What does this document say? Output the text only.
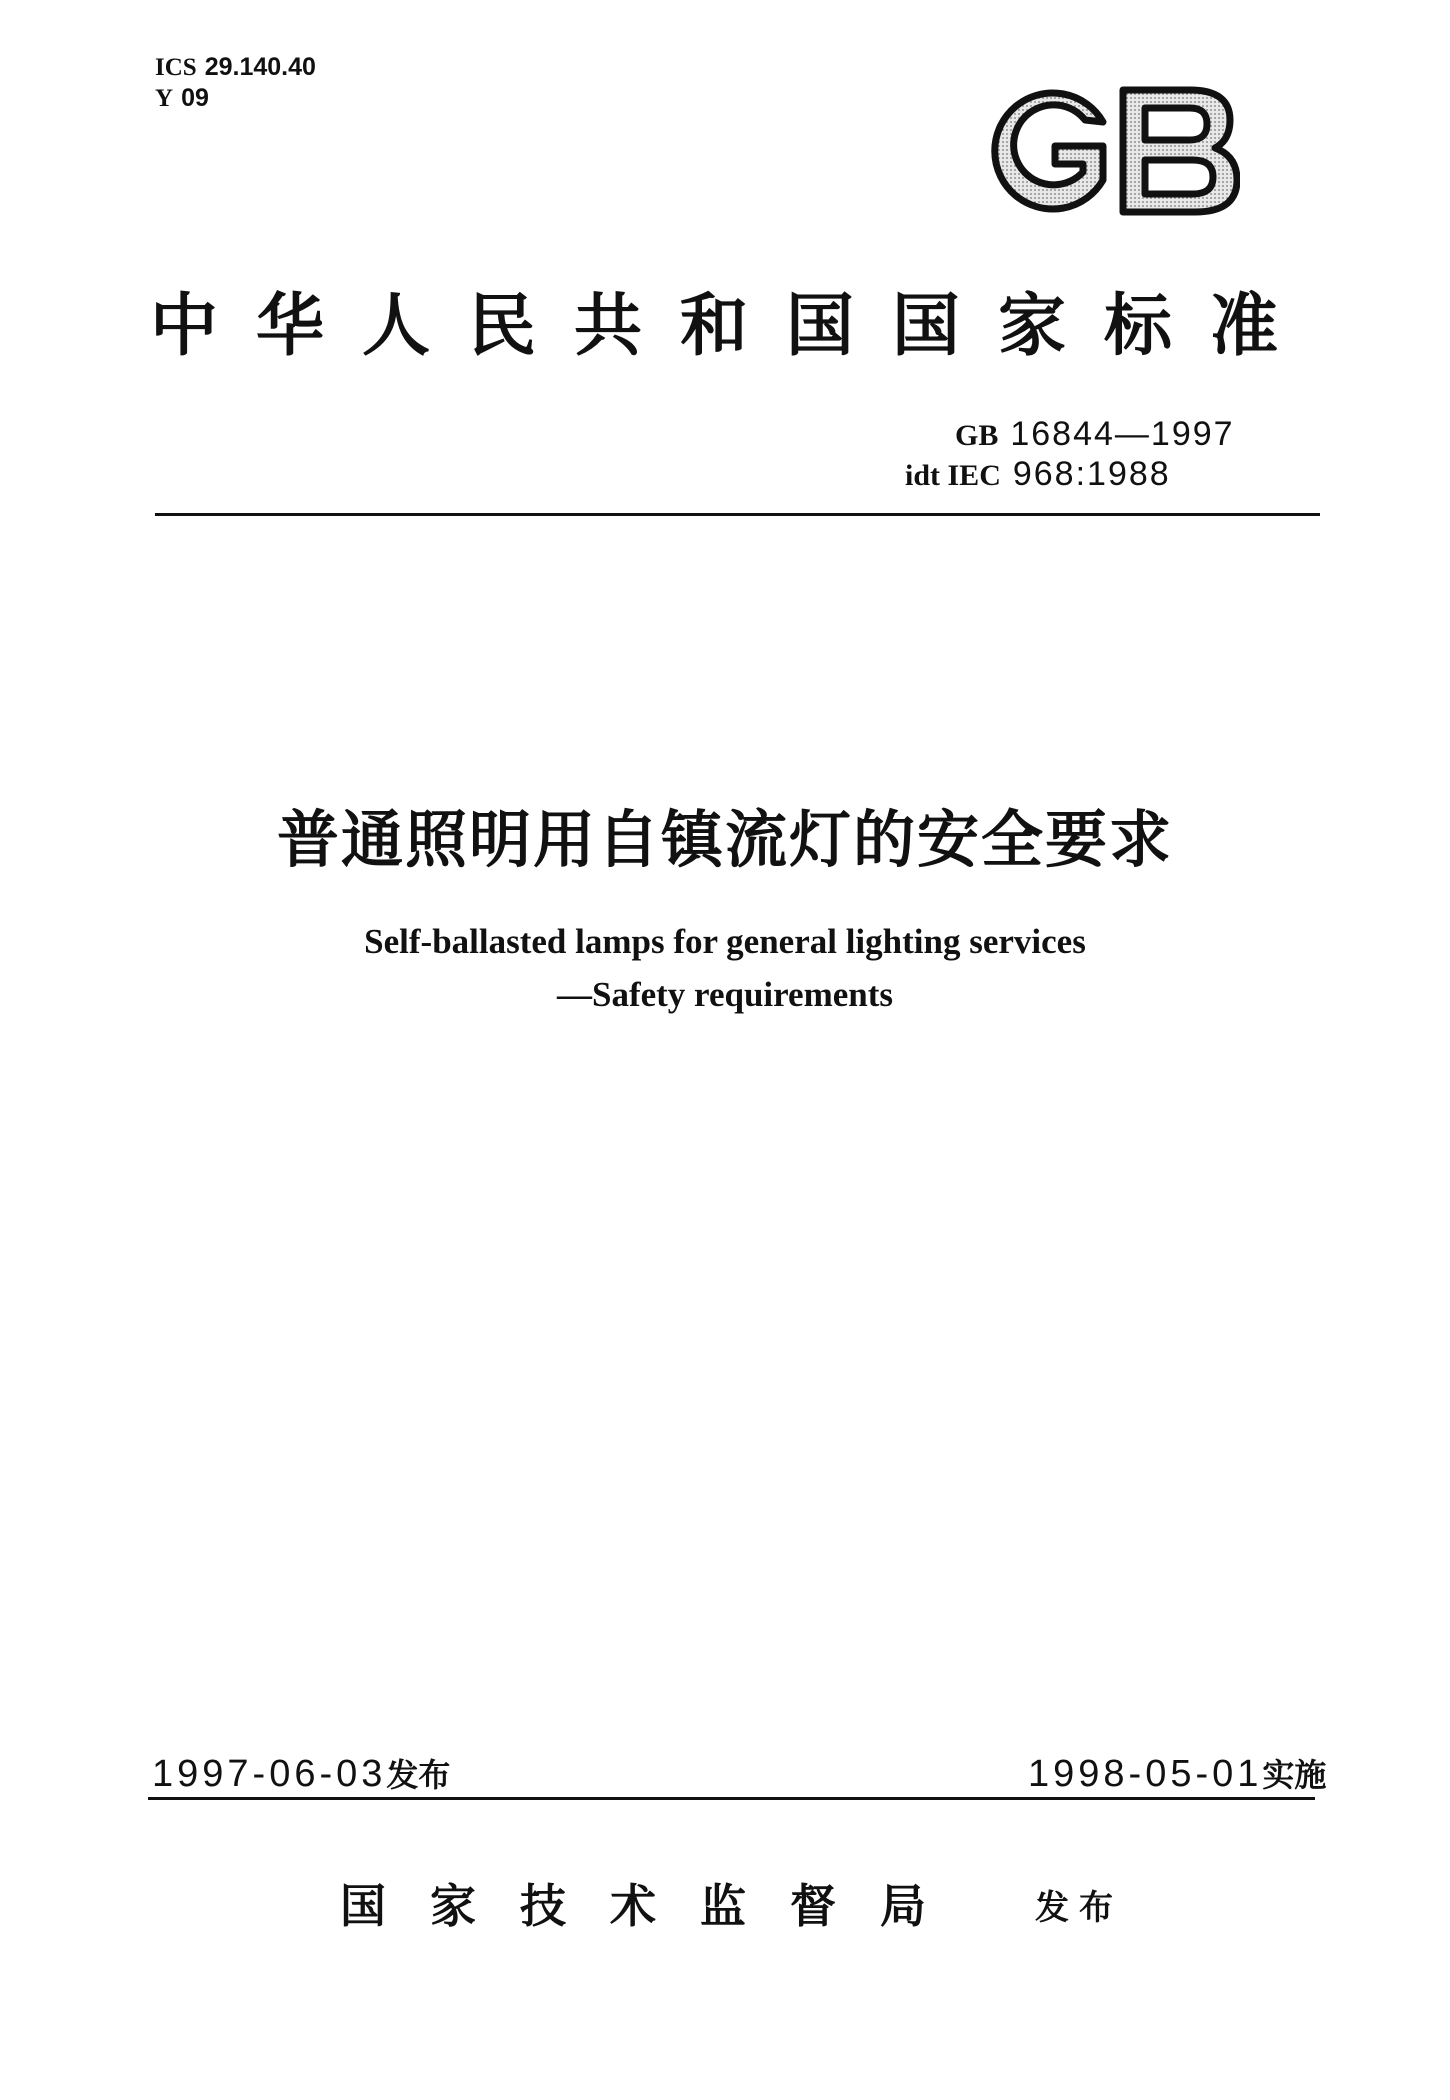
ICS 29.140.40
Y 09
中华人民共和国国家标准
GB 16844—1997
idt IEC 968:1988
普通照明用自镇流灯的安全要求
Self-ballasted lamps for general lighting services
—Safety requirements
1997-06-03发布	1998-05-01实施
国家技术监督局 发布
